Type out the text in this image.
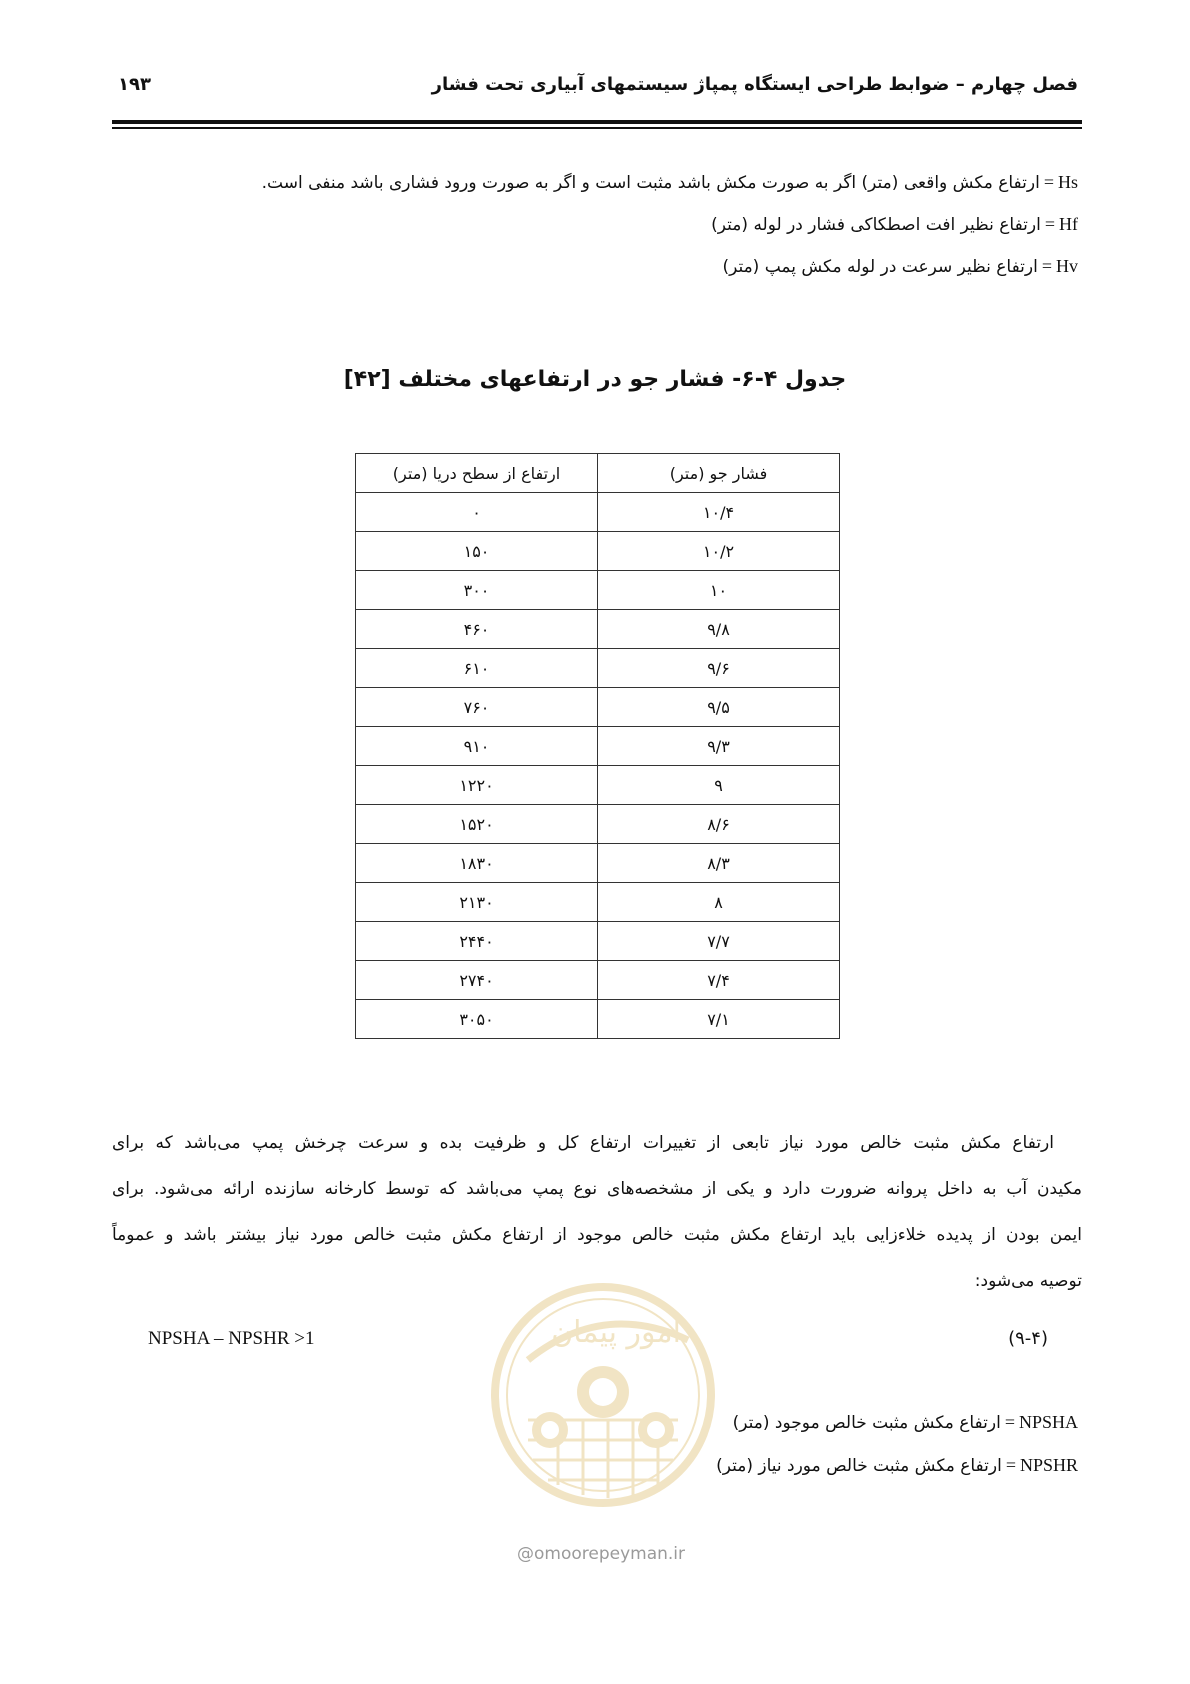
فصل چهارم – ضوابط طراحی ایستگاه پمپاژ سیستمهای آبیاری تحت فشار
۱۹۳
ارتفاع مکش واقعی (متر) اگر به صورت مکش باشد مثبت است و اگر به صورت ورود فشاری باشد منفی است. = Hs
ارتفاع نظیر افت اصطکاکی فشار در لوله (متر) = Hf
ارتفاع نظیر سرعت در لوله مکش پمپ (متر) = Hv
جدول ۴-۶- فشار جو در ارتفاعهای مختلف [۴۲]
فشار جو (متر)	ارتفاع از سطح دریا (متر)
۱۰/۴	۰
۱۰/۲	۱۵۰
۱۰	۳۰۰
۹/۸	۴۶۰
۹/۶	۶۱۰
۹/۵	۷۶۰
۹/۳	۹۱۰
۹	۱۲۲۰
۸/۶	۱۵۲۰
۸/۳	۱۸۳۰
۸	۲۱۳۰
۷/۷	۲۴۴۰
۷/۴	۲۷۴۰
۷/۱	۳۰۵۰
ارتفاع مکش مثبت خالص مورد نیاز تابعی از تغییرات ارتفاع کل و ظرفیت بده و سرعت چرخش پمپ می‌باشد که برای
مکیدن آب به داخل پروانه ضرورت دارد و یکی از مشخصه‌های نوع پمپ می‌باشد که توسط کارخانه سازنده ارائه می‌شود. برای
ایمن بودن از پدیده خلاءزایی باید ارتفاع مکش مثبت خالص موجود از ارتفاع مکش مثبت خالص مورد نیاز بیشتر باشد و عموماً
توصیه می‌شود:
امور پیمان
NPSHA – NPSHR >1	(۹-۴)
ارتفاع مکش مثبت خالص موجود (متر) = NPSHA
ارتفاع مکش مثبت خالص مورد نیاز (متر) = NPSHR
@omoorepeyman.ir
